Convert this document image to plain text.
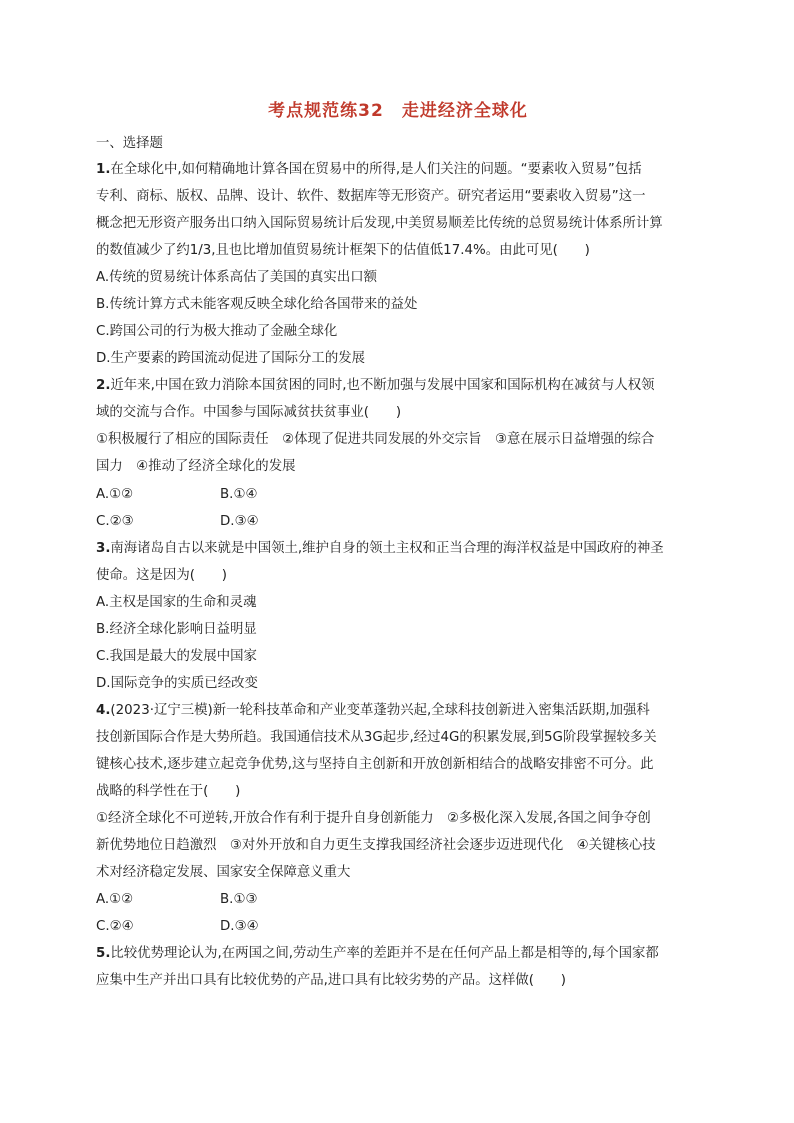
考点规范练32　走进经济全球化
一、选择题
1.在全球化中,如何精确地计算各国在贸易中的所得,是人们关注的问题。“要素收入贸易”包括
专利、商标、版权、品牌、设计、软件、数据库等无形资产。研究者运用“要素收入贸易”这一
概念把无形资产服务出口纳入国际贸易统计后发现,中美贸易顺差比传统的总贸易统计体系所计算
的数值减少了约1/3,且也比增加值贸易统计框架下的估值低17.4%。由此可见(　　)
A.传统的贸易统计体系高估了美国的真实出口额
B.传统计算方式未能客观反映全球化给各国带来的益处
C.跨国公司的行为极大推动了金融全球化
D.生产要素的跨国流动促进了国际分工的发展
2.近年来,中国在致力消除本国贫困的同时,也不断加强与发展中国家和国际机构在减贫与人权领
域的交流与合作。中国参与国际减贫扶贫事业(　　)
①积极履行了相应的国际责任　②体现了促进共同发展的外交宗旨　③意在展示日益增强的综合
国力　④推动了经济全球化的发展
A.①②	B.①④
C.②③	D.③④
3.南海诸岛自古以来就是中国领土,维护自身的领土主权和正当合理的海洋权益是中国政府的神圣
使命。这是因为(　　)
A.主权是国家的生命和灵魂
B.经济全球化影响日益明显
C.我国是最大的发展中国家
D.国际竞争的实质已经改变
4.(2023·辽宁三模)新一轮科技革命和产业变革蓬勃兴起,全球科技创新进入密集活跃期,加强科
技创新国际合作是大势所趋。我国通信技术从3G起步,经过4G的积累发展,到5G阶段掌握较多关
键核心技术,逐步建立起竞争优势,这与坚持自主创新和开放创新相结合的战略安排密不可分。此
战略的科学性在于(　　)
①经济全球化不可逆转,开放合作有利于提升自身创新能力　②多极化深入发展,各国之间争夺创
新优势地位日趋激烈　③对外开放和自力更生支撑我国经济社会逐步迈进现代化　④关键核心技
术对经济稳定发展、国家安全保障意义重大
A.①②	B.①③
C.②④	D.③④
5.比较优势理论认为,在两国之间,劳动生产率的差距并不是在任何产品上都是相等的,每个国家都
应集中生产并出口具有比较优势的产品,进口具有比较劣势的产品。这样做(　　)
